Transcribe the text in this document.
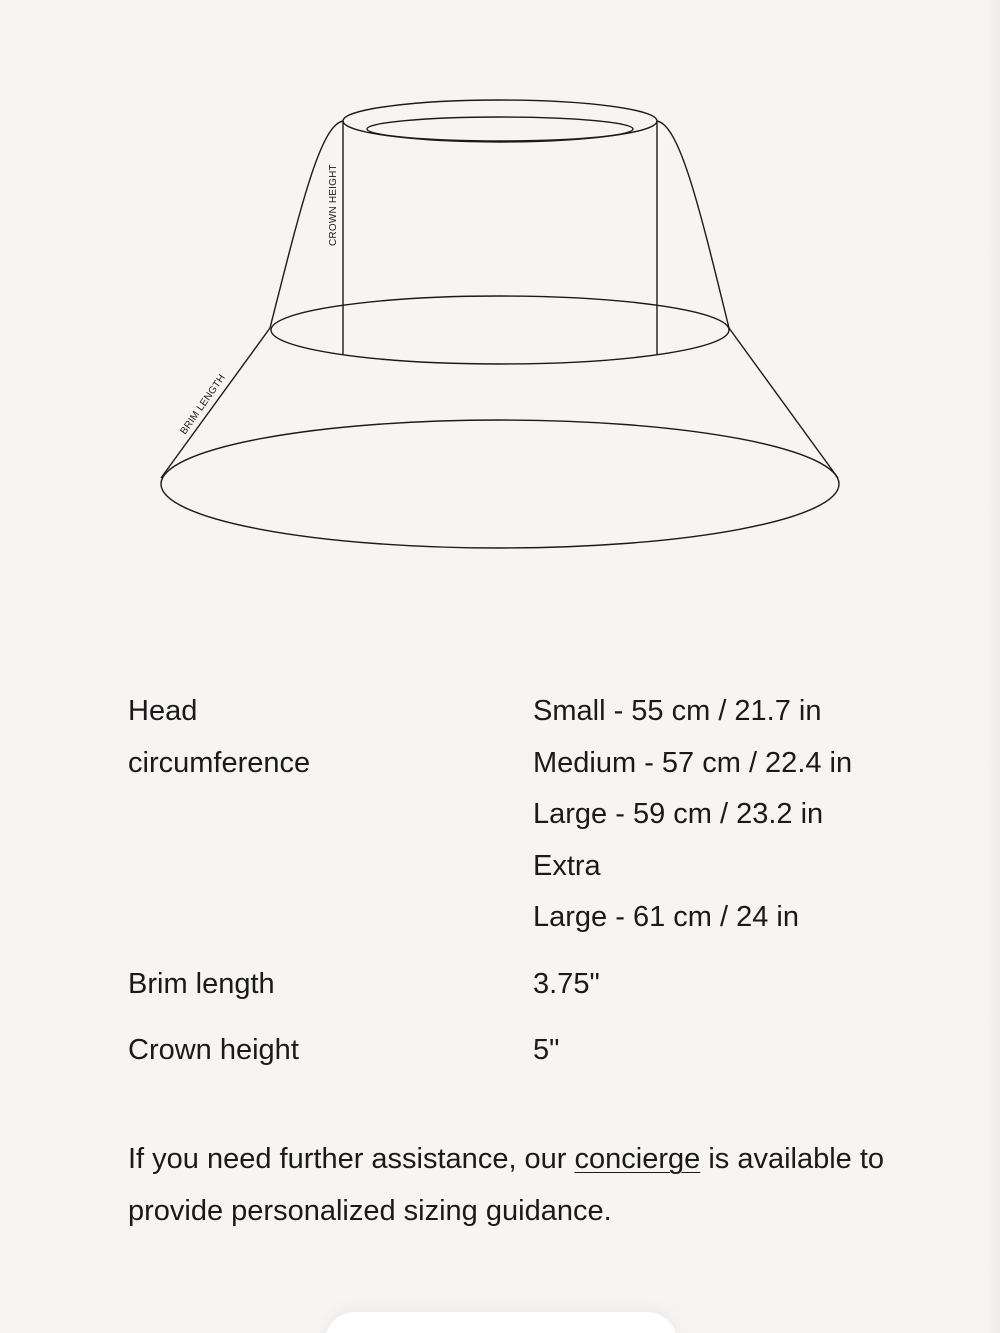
CROWN HEIGHT
BRIM LENGTH
Head
circumference
Small - 55 cm / 21.7 in
Medium - 57 cm / 22.4 in
Large - 59 cm / 23.2 in
Extra
Large - 61 cm / 24 in
Brim length	3.75"
Crown height	5"

If you need further assistance, our concierge is available to provide personalized sizing guidance.
